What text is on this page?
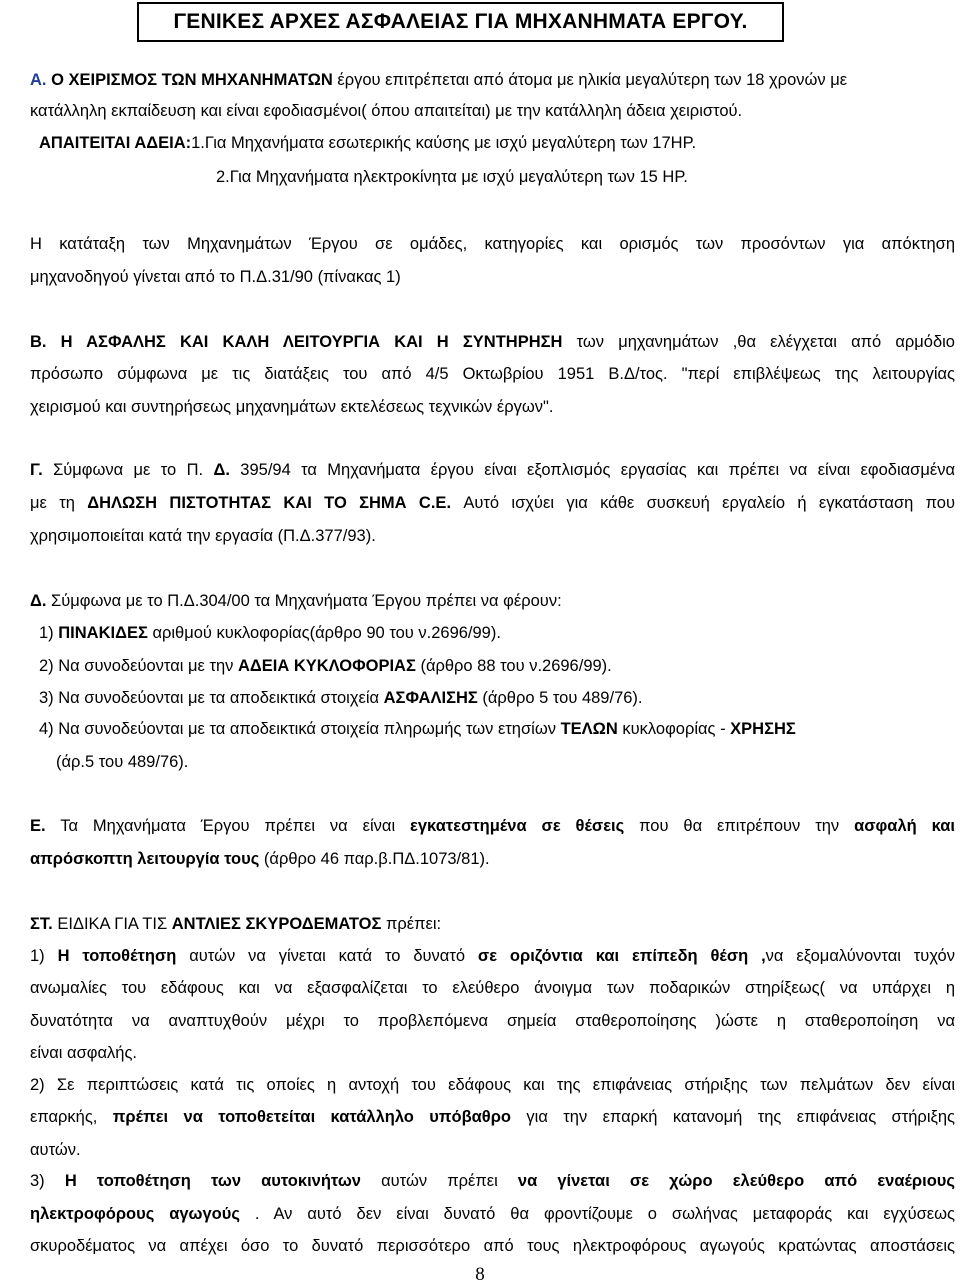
ΓΕΝΙΚΕΣ ΑΡΧΕΣ ΑΣΦΑΛΕΙΑΣ ΓΙΑ ΜΗΧΑΝΗΜΑΤΑ ΕΡΓΟΥ.
Α. Ο ΧΕΙΡΙΣΜΟΣ ΤΩΝ ΜΗΧΑΝΗΜΑΤΩΝ έργου επιτρέπεται από άτομα με ηλικία μεγαλύτερη των 18 χρονών με
κατάλληλη εκπαίδευση και είναι εφοδιασμένοι( όπου απαιτείται) με την κατάλληλη άδεια χειριστού.
ΑΠΑΙΤΕΙΤΑΙ ΑΔΕΙΑ:1.Για Μηχανήματα εσωτερικής καύσης με ισχύ μεγαλύτερη των 17HP.
2.Για Μηχανήματα ηλεκτροκίνητα με ισχύ μεγαλύτερη των 15 HP.
Η κατάταξη των Μηχανημάτων Έργου σε ομάδες, κατηγορίες και ορισμός των προσόντων για απόκτηση
μηχανοδηγού γίνεται από το Π.Δ.31/90 (πίνακας 1)
Β. Η ΑΣΦΑΛΗΣ ΚΑΙ ΚΑΛΗ ΛΕΙΤΟΥΡΓΙΑ ΚΑΙ Η ΣΥΝΤΗΡΗΣΗ των μηχανημάτων ,θα ελέγχεται από αρμόδιο
πρόσωπο σύμφωνα με τις διατάξεις του από 4/5 Οκτωβρίου 1951 Β.Δ/τος. "περί επιβλέψεως της λειτουργίας
χειρισμού και συντηρήσεως μηχανημάτων εκτελέσεως τεχνικών έργων".
Γ. Σύμφωνα με το Π. Δ. 395/94 τα Μηχανήματα έργου είναι εξοπλισμός εργασίας και πρέπει να είναι εφοδιασμένα
με τη ΔΗΛΩΣΗ ΠΙΣΤΟΤΗΤΑΣ ΚΑΙ ΤΟ ΣΗΜΑ C.E. Αυτό ισχύει για κάθε συσκευή εργαλείο ή εγκατάσταση που
χρησιμοποιείται κατά την εργασία (Π.Δ.377/93).
Δ. Σύμφωνα με το Π.Δ.304/00 τα Μηχανήματα Έργου πρέπει να φέρουν:
1) ΠΙΝΑΚΙΔΕΣ αριθμού κυκλοφορίας(άρθρο 90 του ν.2696/99).
2) Να συνοδεύονται με την ΑΔΕΙΑ ΚΥΚΛΟΦΟΡΙΑΣ (άρθρο 88 του ν.2696/99).
3) Να συνοδεύονται με τα αποδεικτικά στοιχεία ΑΣΦΑΛΙΣΗΣ (άρθρο 5 του 489/76).
4) Να συνοδεύονται με τα αποδεικτικά στοιχεία πληρωμής των ετησίων ΤΕΛΩΝ κυκλοφορίας - ΧΡΗΣΗΣ
(άρ.5 του 489/76).
Ε. Τα Μηχανήματα Έργου πρέπει να είναι εγκατεστημένα σε θέσεις που θα επιτρέπουν την ασφαλή και
απρόσκοπτη λειτουργία τους (άρθρο 46 παρ.β.ΠΔ.1073/81).
ΣΤ. ΕΙΔΙΚΑ ΓΙΑ ΤΙΣ ΑΝΤΛΙΕΣ ΣΚΥΡΟΔΕΜΑΤΟΣ πρέπει:
1) Η τοποθέτηση αυτών να γίνεται κατά το δυνατό σε οριζόντια και επίπεδη θέση ,να εξομαλύνονται τυχόν
ανωμαλίες του εδάφους και να εξασφαλίζεται το ελεύθερο άνοιγμα των ποδαρικών στηρίξεως( να υπάρχει η
δυνατότητα να αναπτυχθούν μέχρι το προβλεπόμενα σημεία σταθεροποίησης )ώστε η σταθεροποίηση να
είναι ασφαλής.
2) Σε περιπτώσεις κατά τις οποίες η αντοχή του εδάφους και της επιφάνειας στήριξης των πελμάτων δεν είναι
επαρκής, πρέπει να τοποθετείται κατάλληλο υπόβαθρο για την επαρκή κατανομή της επιφάνειας στήριξης
αυτών.
3) Η τοποθέτηση των αυτοκινήτων αυτών πρέπει να γίνεται σε χώρο ελεύθερο από εναέριους
ηλεκτροφόρους αγωγούς . Αν αυτό δεν είναι δυνατό θα φροντίζουμε ο σωλήνας μεταφοράς και εγχύσεως
σκυροδέματος να απέχει όσο το δυνατό περισσότερο από τους ηλεκτροφόρους αγωγούς κρατώντας αποστάσεις
8
